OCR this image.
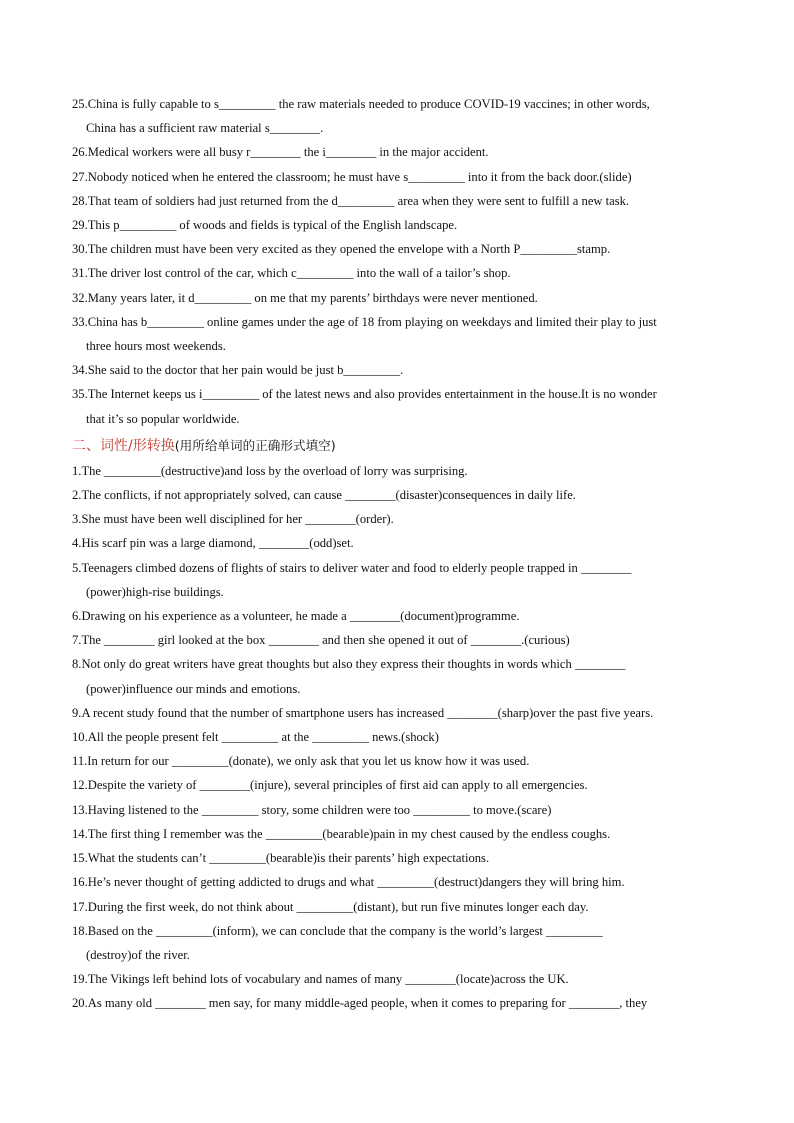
25.China is fully capable to s_________ the raw materials needed to produce COVID-19 vaccines; in other words,
China has a sufficient raw material s________.
26.Medical workers were all busy r________ the i________ in the major accident.
27.Nobody noticed when he entered the classroom; he must have s_________ into it from the back door.(slide)
28.That team of soldiers had just returned from the d_________ area when they were sent to fulfill a new task.
29.This p_________ of woods and fields is typical of the English landscape.
30.The children must have been very excited as they opened the envelope with a North P_________stamp.
31.The driver lost control of the car, which c_________ into the wall of a tailor’s shop.
32.Many years later, it d_________ on me that my parents’ birthdays were never mentioned.
33.China has b_________ online games under the age of 18 from playing on weekdays and limited their play to just
three hours most weekends.
34.She said to the doctor that her pain would be just b_________.
35.The Internet keeps us i_________ of the latest news and also provides entertainment in the house.It is no wonder
that it’s so popular worldwide.
二、词性/形转换(用所给单词的正确形式填空)
1.The _________(destructive)and loss by the overload of lorry was surprising.
2.The conflicts, if not appropriately solved, can cause ________(disaster)consequences in daily life.
3.She must have been well disciplined for her ________(order).
4.His scarf pin was a large diamond, ________(odd)set.
5.Teenagers climbed dozens of flights of stairs to deliver water and food to elderly people trapped in ________
(power)high-rise buildings.
6.Drawing on his experience as a volunteer, he made a ________(document)programme.
7.The ________ girl looked at the box ________ and then she opened it out of ________.(curious)
8.Not only do great writers have great thoughts but also they express their thoughts in words which ________
(power)influence our minds and emotions.
9.A recent study found that the number of smartphone users has increased ________(sharp)over the past five years.
10.All the people present felt _________ at the _________ news.(shock)
11.In return for our _________(donate), we only ask that you let us know how it was used.
12.Despite the variety of ________(injure), several principles of first aid can apply to all emergencies.
13.Having listened to the _________ story, some children were too _________ to move.(scare)
14.The first thing I remember was the _________(bearable)pain in my chest caused by the endless coughs.
15.What the students can’t _________(bearable)is their parents’ high expectations.
16.He’s never thought of getting addicted to drugs and what _________(destruct)dangers they will bring him.
17.During the first week, do not think about _________(distant), but run five minutes longer each day.
18.Based on the _________(inform), we can conclude that the company is the world’s largest _________
(destroy)of the river.
19.The Vikings left behind lots of vocabulary and names of many ________(locate)across the UK.
20.As many old ________ men say, for many middle-aged people, when it comes to preparing for ________, they
